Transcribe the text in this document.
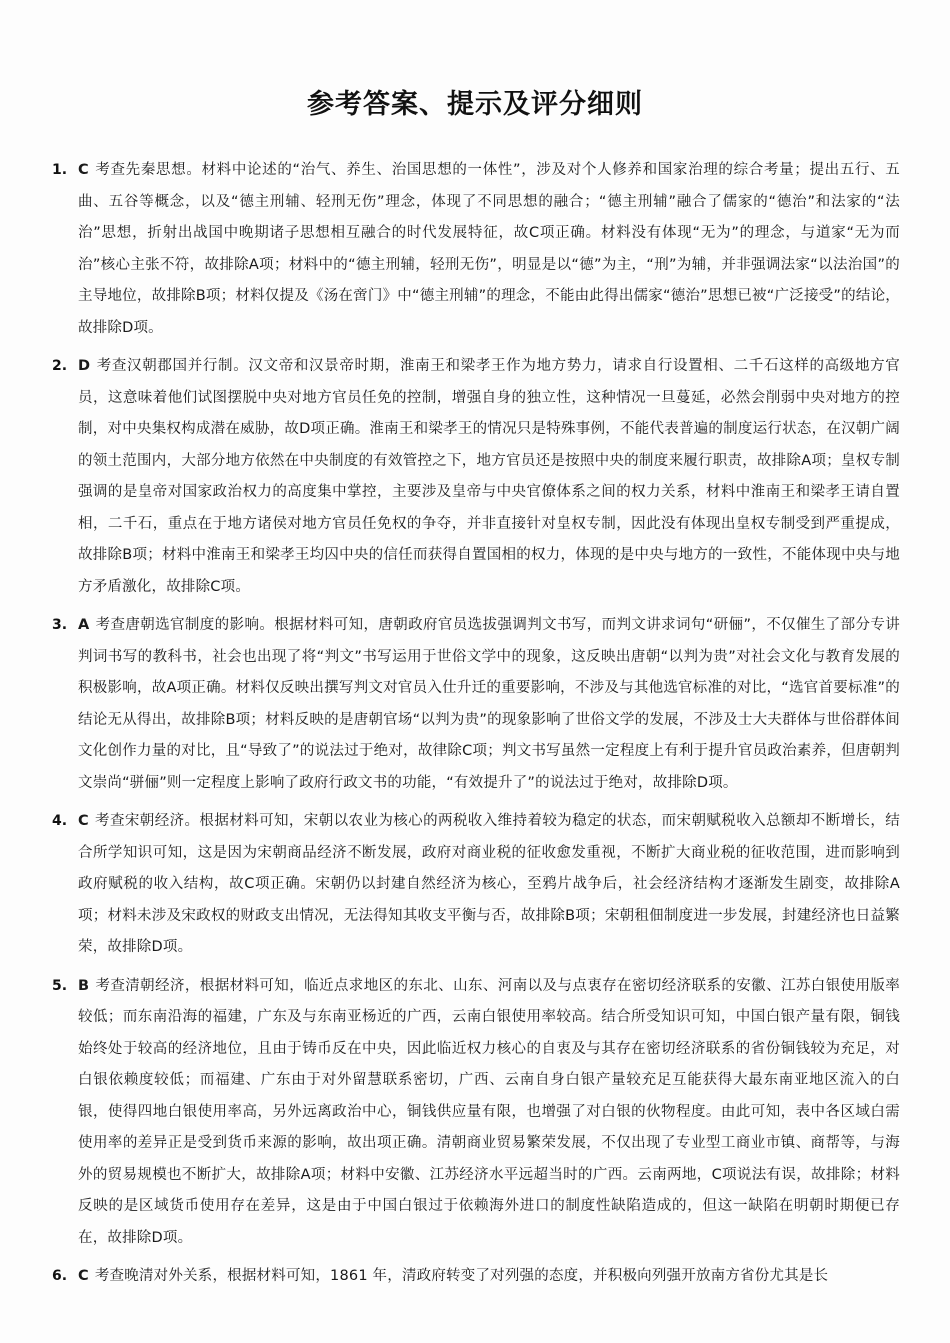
参考答案、提示及评分细则
1. C 考查先秦思想。材料中论述的“治气、养生、治国思想的一体性”，涉及对个人修养和国家治理的综合考量；提出五行、五曲、五谷等概念，以及“德主刑辅、轻刑无伤”理念，体现了不同思想的融合；“德主刑辅”融合了儒家的“德治”和法家的“法治”思想，折射出战国中晚期诸子思想相互融合的时代发展特征，故C项正确。材料没有体现“无为”的理念，与道家“无为而治”核心主张不符，故排除A项；材料中的“德主刑辅，轻刑无伤”，明显是以“德”为主，“刑”为辅，并非强调法家“以法治国”的主导地位，故排除B项；材料仅提及《汤在啻门》中“德主刑辅”的理念，不能由此得出儒家“德治”思想已被“广泛接受”的结论，故排除D项。
2. D 考查汉朝郡国并行制。汉文帝和汉景帝时期，淮南王和梁孝王作为地方势力，请求自行设置相、二千石这样的高级地方官员，这意味着他们试图摆脱中央对地方官员任免的控制，增强自身的独立性，这种情况一旦蔓延，必然会削弱中央对地方的控制，对中央集权构成潜在威胁，故D项正确。淮南王和梁孝王的情况只是特殊事例，不能代表普遍的制度运行状态，在汉朝广阔的领土范围内，大部分地方依然在中央制度的有效管控之下，地方官员还是按照中央的制度来履行职责，故排除A项；皇权专制强调的是皇帝对国家政治权力的高度集中掌控，主要涉及皇帝与中央官僚体系之间的权力关系，材料中淮南王和梁孝王请自置相，二千石，重点在于地方诸侯对地方官员任免权的争夺，并非直接针对皇权专制，因此没有体现出皇权专制受到严重提成，故排除B项；材料中淮南王和梁孝王均囚中央的信任而获得自置国相的权力，体现的是中央与地方的一致性，不能体现中央与地方矛盾激化，故排除C项。
3. A 考查唐朝选官制度的影响。根据材料可知，唐朝政府官员选拔强调判文书写，而判文讲求词句“研俪”，不仅催生了部分专讲判词书写的教科书，社会也出现了将“判文”书写运用于世俗文学中的现象，这反映出唐朝“以判为贵”对社会文化与教育发展的积极影响，故A项正确。材料仅反映出撰写判文对官员入仕升迁的重要影响，不涉及与其他选官标准的对比，“选官首要标准”的结论无从得出，故排除B项；材料反映的是唐朝官场“以判为贵”的现象影响了世俗文学的发展，不涉及士大夫群体与世俗群体间文化创作力量的对比，且“导致了”的说法过于绝对，故律除C项；判文书写虽然一定程度上有利于提升官员政治素养，但唐朝判文崇尚“骈俪”则一定程度上影响了政府行政文书的功能，“有效提升了”的说法过于绝对，故排除D项。
4. C 考查宋朝经济。根据材料可知，宋朝以农业为核心的两税收入维持着较为稳定的状态，而宋朝赋税收入总额却不断增长，结合所学知识可知，这是因为宋朝商品经济不断发展，政府对商业税的征收愈发重视，不断扩大商业税的征收范围，进而影响到政府赋税的收入结构，故C项正确。宋朝仍以封建自然经济为核心，至鸦片战争后，社会经济结构才逐渐发生剧变，故排除A项；材料未涉及宋政权的财政支出情况，无法得知其收支平衡与否，故排除B项；宋朝租佃制度进一步发展，封建经济也日益繁荣，故排除D项。
5. B 考查清朝经济，根据材料可知，临近点求地区的东北、山东、河南以及与点衷存在密切经济联系的安徽、江苏白银使用版率较低；而东南沿海的福建，广东及与东南亚杨近的广西，云南白银使用率较高。结合所受知识可知，中国白银产量有限，铜钱始终处于较高的经济地位，且由于铸币反在中央，因此临近权力核心的自衷及与其存在密切经济联系的省份铜钱较为充足，对白银依赖度较低；而福建、广东由于对外留慧联系密切，广西、云南自身白银产量较充足互能获得大最东南亚地区流入的白银，使得四地白银使用率高，另外远离政治中心，铜钱供应量有限，也增强了对白银的伙物程度。由此可知，表中各区域白需使用率的差异正是受到货币来源的影响，故出项正确。清朝商业贸易繁荣发展，不仅出现了专业型工商业市镇、商帮等，与海外的贸易规模也不断扩大，故排除A项；材料中安徽、江苏经济水平远超当时的广西。云南两地，C项说法有误，故排除；材料反映的是区域货币使用存在差异，这是由于中国白银过于依赖海外进口的制度性缺陷造成的，但这一缺陷在明朝时期便已存在，故排除D项。
6. C 考查晚清对外关系，根据材料可知，1861 年，清政府转变了对列强的态度，并积极向列强开放南方省份尤其是长
